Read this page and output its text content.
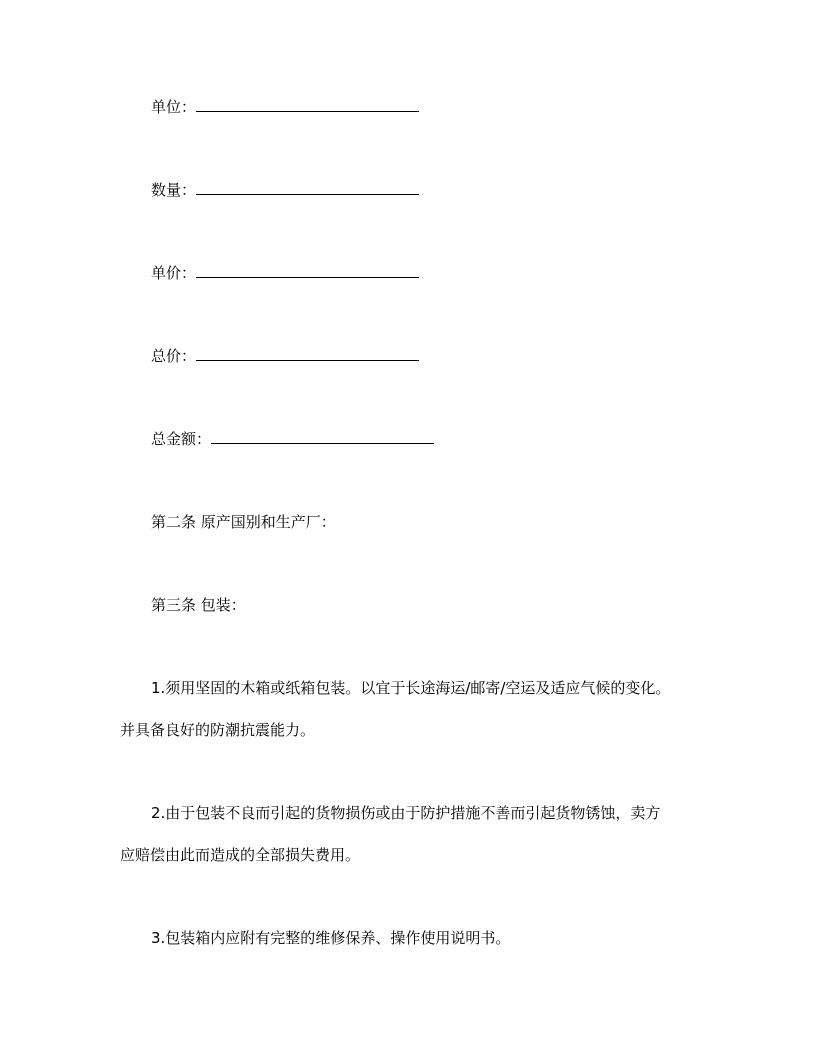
单位：
数量：
单价：
总价：
总金额：
第二条 原产国别和生产厂：
第三条 包装：
1.须用坚固的木箱或纸箱包装。以宜于长途海运/邮寄/空运及适应气候的变化。
并具备良好的防潮抗震能力。
2.由于包装不良而引起的货物损伤或由于防护措施不善而引起货物锈蚀，卖方
应赔偿由此而造成的全部损失费用。
3.包装箱内应附有完整的维修保养、操作使用说明书。
